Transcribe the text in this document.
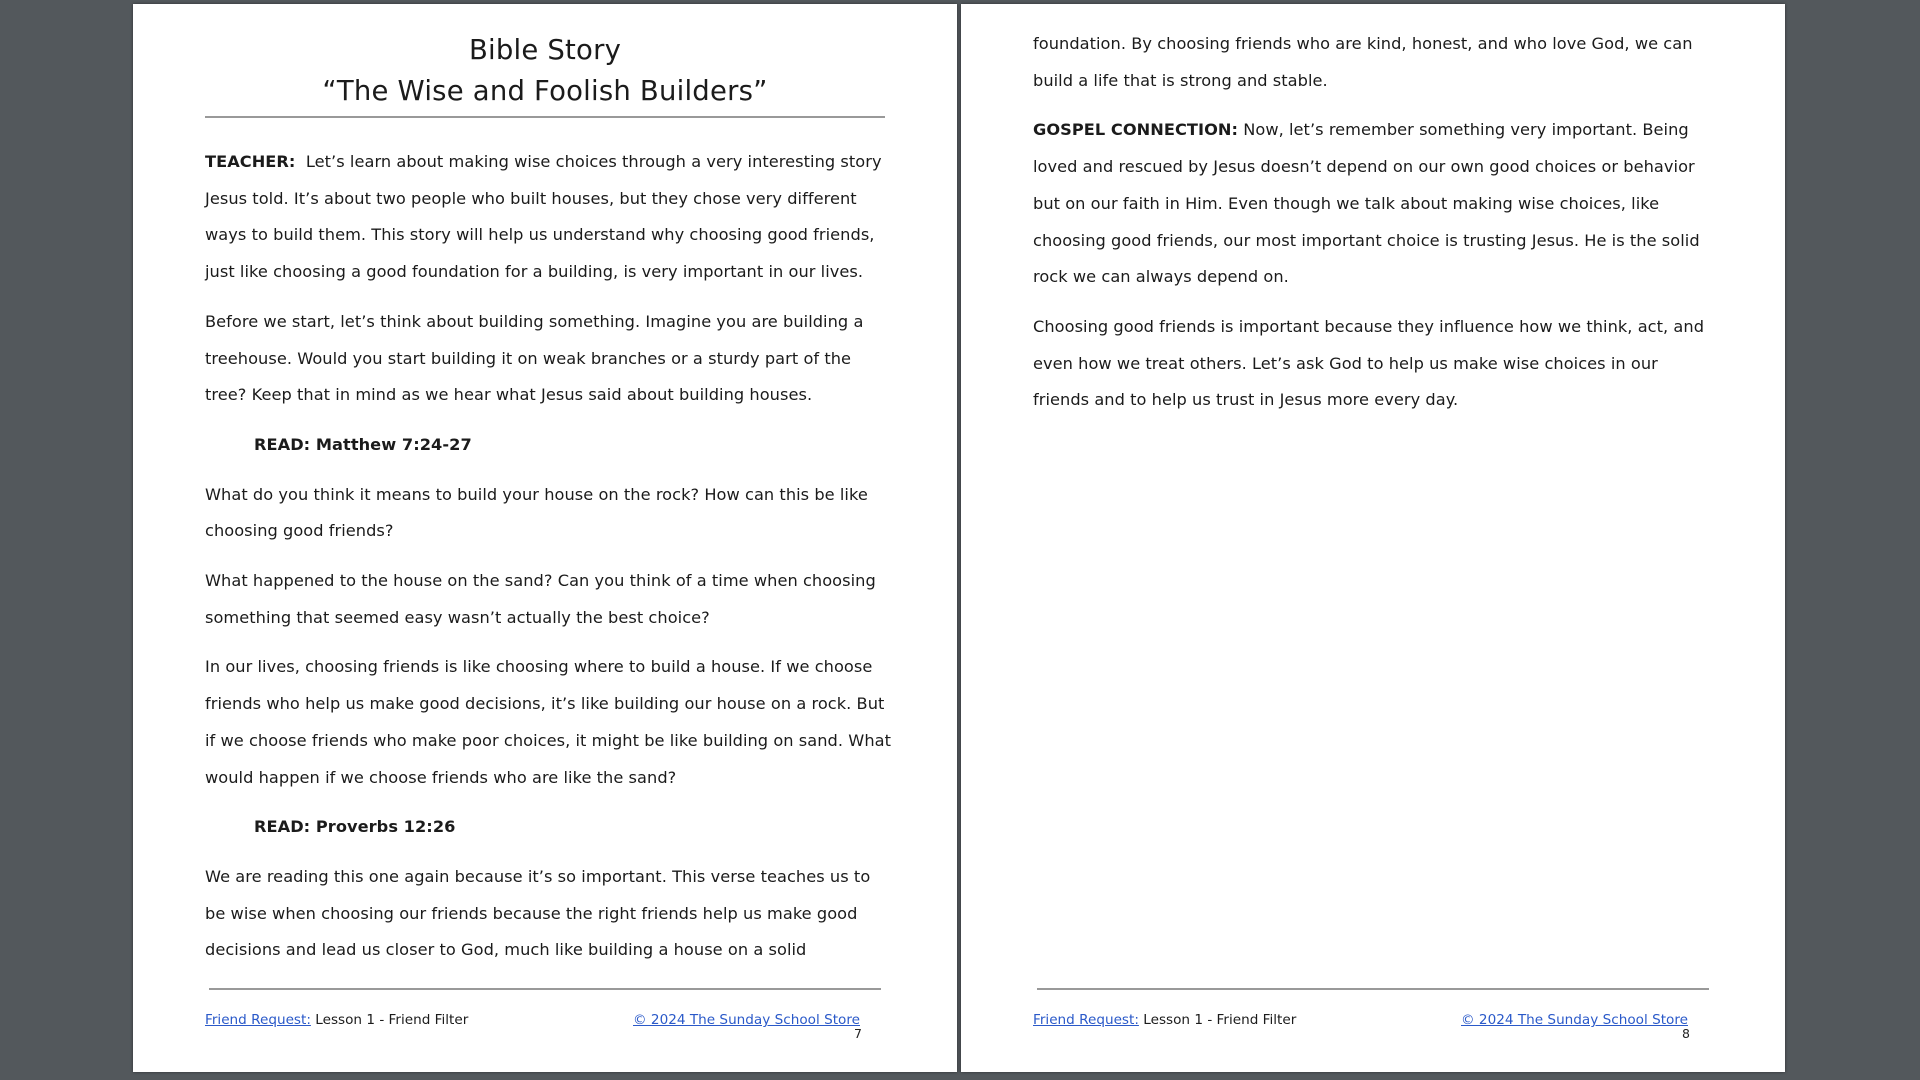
Bible Story
“The Wise and Foolish Builders”

TEACHER: Let’s learn about making wise choices through a very interesting story Jesus told. It’s about two people who built houses, but they chose very different ways to build them. This story will help us understand why choosing good friends, just like choosing a good foundation for a building, is very important in our lives.

Before we start, let’s think about building something. Imagine you are building a treehouse. Would you start building it on weak branches or a sturdy part of the tree? Keep that in mind as we hear what Jesus said about building houses.

READ: Matthew 7:24-27

What do you think it means to build your house on the rock? How can this be like choosing good friends?

What happened to the house on the sand? Can you think of a time when choosing something that seemed easy wasn’t actually the best choice?

In our lives, choosing friends is like choosing where to build a house. If we choose friends who help us make good decisions, it’s like building our house on a rock. But if we choose friends who make poor choices, it might be like building on sand. What would happen if we choose friends who are like the sand?

READ: Proverbs 12:26

We are reading this one again because it’s so important. This verse teaches us to be wise when choosing our friends because the right friends help us make good decisions and lead us closer to God, much like building a house on a solid

Friend Request: Lesson 1 - Friend Filter	© 2024 The Sunday School Store
7

foundation. By choosing friends who are kind, honest, and who love God, we can build a life that is strong and stable.

GOSPEL CONNECTION: Now, let’s remember something very important. Being loved and rescued by Jesus doesn’t depend on our own good choices or behavior but on our faith in Him. Even though we talk about making wise choices, like choosing good friends, our most important choice is trusting Jesus. He is the solid rock we can always depend on.

Choosing good friends is important because they influence how we think, act, and even how we treat others. Let’s ask God to help us make wise choices in our friends and to help us trust in Jesus more every day.

Friend Request: Lesson 1 - Friend Filter	© 2024 The Sunday School Store
8
